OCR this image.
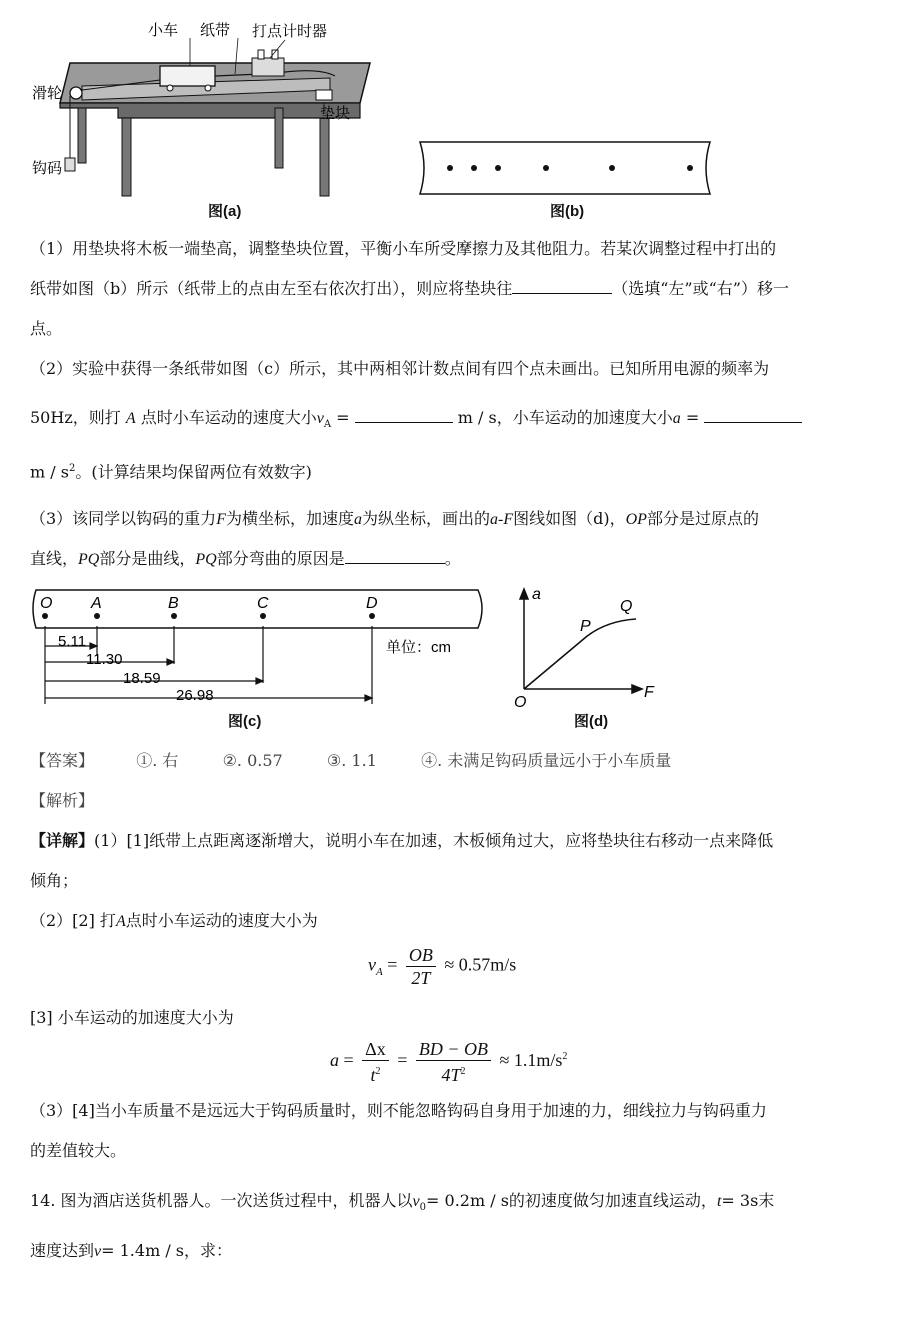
小车 纸带 打点计时器
滑轮
垫块
钩码
图(a)	图(b)
（1）用垫块将木板一端垫高，调整垫块位置，平衡小车所受摩擦力及其他阻力。若某次调整过程中打出的
纸带如图（b）所示（纸带上的点由左至右依次打出），则应将垫块往	（选填“左”或“右”）移一
点。
（2）实验中获得一条纸带如图（c）所示，其中两相邻计数点间有四个点未画出。已知所用电源的频率为
50Hz，则打 A 点时小车运动的速度大小$v_A$ =	m / s，小车运动的加速度大小a =
m / $s^2$。(计算结果均保留两位有效数字)
（3）该同学以钩码的重力F为横坐标，加速度a为纵坐标，画出的a-F图线如图（d)，OP部分是过原点的
直线，PQ部分是曲线，PQ部分弯曲的原因是	。
5.11
11.30
18.59
26.98
单位：cm
O A	B	C	D
图(c)
a
F
O
P
Q
图(d)
【答案】	①. 右	②. 0.57	③. 1.1	④. 未满足钩码质量远小于小车质量
【解析】
【详解】(1）[1]纸带上点距离逐渐增大，说明小车在加速，木板倾角过大，应将垫块往右移动一点来降低
倾角；
（2）[2] 打A点时小车运动的速度大小为
$v_A = \frac{OB}{2T} \approx 0.57m/s$
[3] 小车运动的加速度大小为
$a = \frac{\Delta x}{t^2} = \frac{BD - OB}{4T^2} \approx 1.1m/s^2$
（3）[4]当小车质量不是远远大于钩码质量时，则不能忽略钩码自身用于加速的力，细线拉力与钩码重力
的差值较大。
14. 图为酒店送货机器人。一次送货过程中，机器人以$v_0= 0.2m / s$的初速度做匀加速直线运动，t= 3s末
速度达到v= 1.4m / s，求：
